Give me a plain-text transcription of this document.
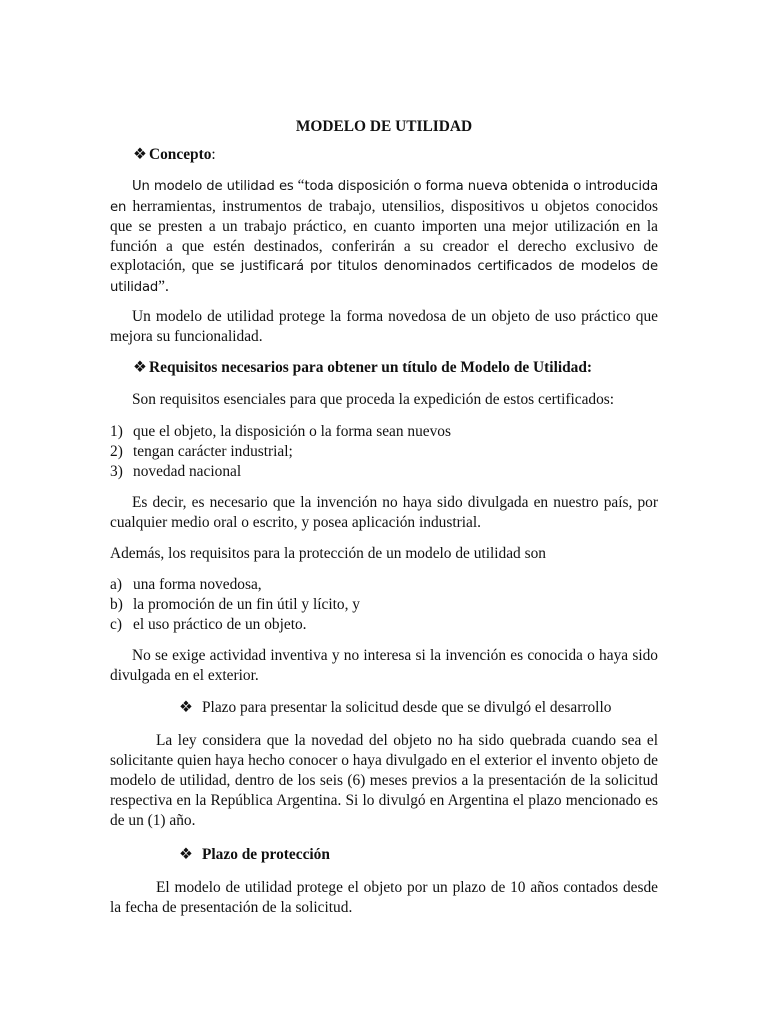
MODELO DE UTILIDAD
❖ Concepto:

Un modelo de utilidad es “toda disposición o forma nueva obtenida o introducida en herramientas, instrumentos de trabajo, utensilios, dispositivos u objetos conocidos que se presten a un trabajo práctico, en cuanto importen una mejor utilización en la función a que estén destinados, conferirán a su creador el derecho exclusivo de explotación, que se justificará por titulos denominados certificados de modelos de utilidad”.

Un modelo de utilidad protege la forma novedosa de un objeto de uso práctico que mejora su funcionalidad.

❖ Requisitos necesarios para obtener un título de Modelo de Utilidad:

Son requisitos esenciales para que proceda la expedición de estos certificados:

1) que el objeto, la disposición o la forma sean nuevos
2) tengan carácter industrial;
3) novedad nacional

Es decir, es necesario que la invención no haya sido divulgada en nuestro país, por cualquier medio oral o escrito, y posea aplicación industrial.

Además, los requisitos para la protección de un modelo de utilidad son

a) una forma novedosa,
b) la promoción de un fin útil y lícito, y
c) el uso práctico de un objeto.

No se exige actividad inventiva y no interesa si la invención es conocida o haya sido divulgada en el exterior.

❖ Plazo para presentar la solicitud desde que se divulgó el desarrollo

La ley considera que la novedad del objeto no ha sido quebrada cuando sea el solicitante quien haya hecho conocer o haya divulgado en el exterior el invento objeto de modelo de utilidad, dentro de los seis (6) meses previos a la presentación de la solicitud respectiva en la República Argentina. Si lo divulgó en Argentina el plazo mencionado es de un (1) año.

❖ Plazo de protección

El modelo de utilidad protege el objeto por un plazo de 10 años contados desde la fecha de presentación de la solicitud.
